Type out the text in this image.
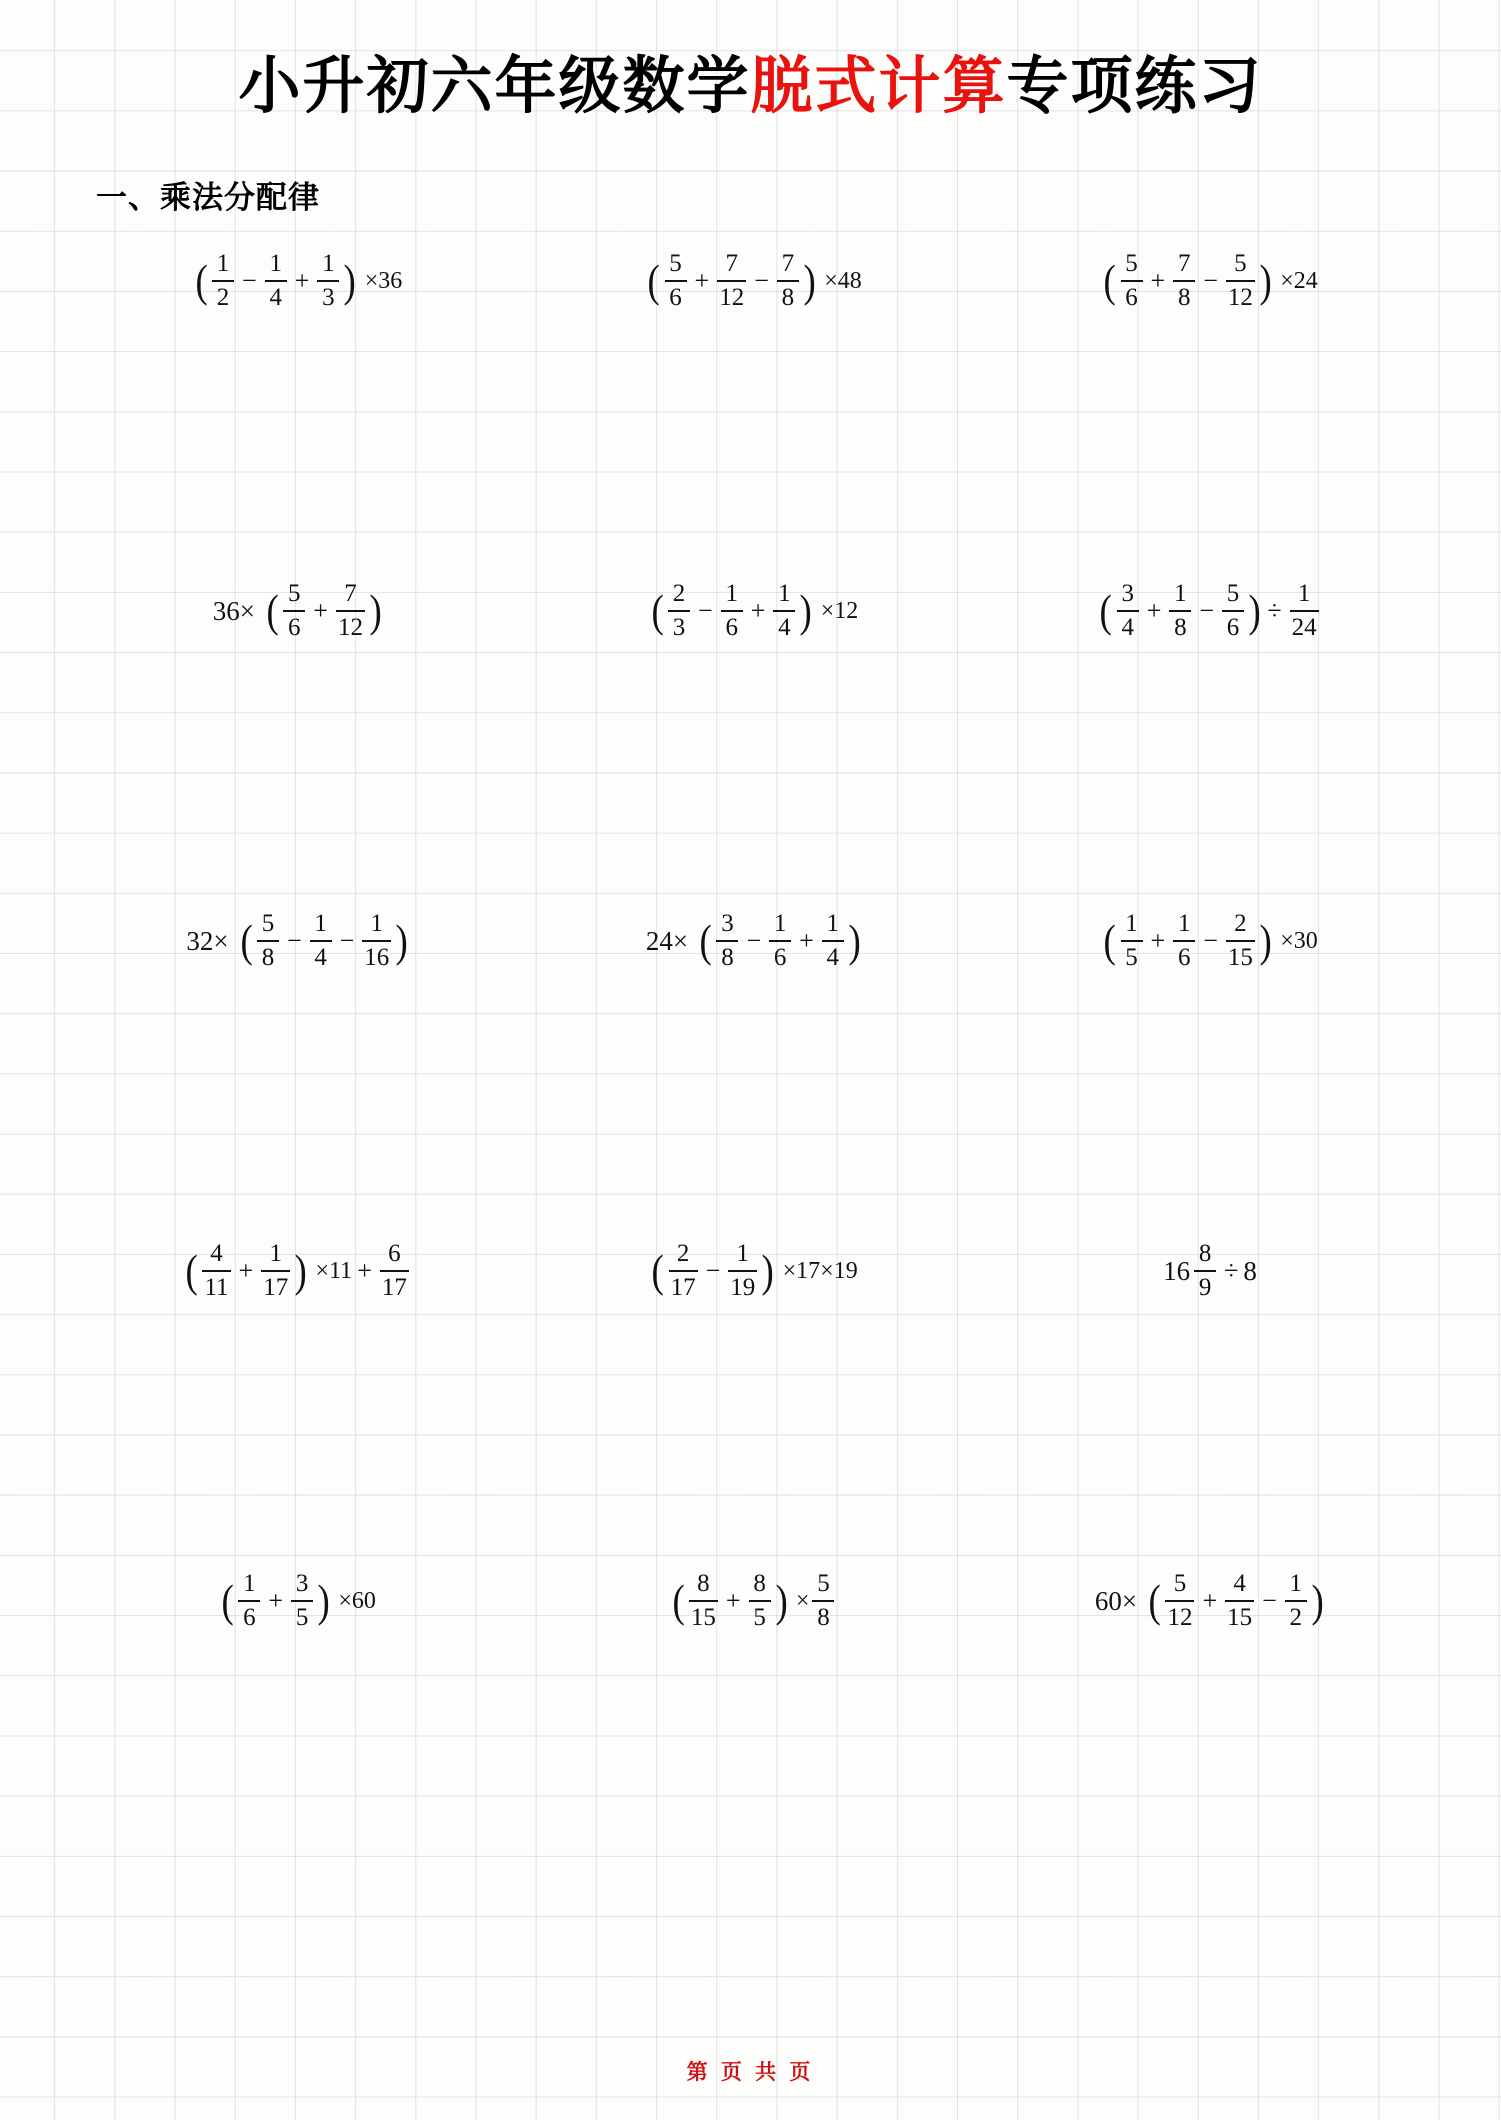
小升初六年级数学脱式计算专项练习
一、乘法分配律
( $\frac{1}{2} - \frac{1}{4} + \frac{1}{3}$ ) ×36	( $\frac{5}{6} + \frac{7}{12} - \frac{7}{8}$ ) ×48	( $\frac{5}{6} + \frac{7}{8} - \frac{5}{12}$ ) ×24
36× ( $\frac{5}{6} + \frac{7}{12}$ )	( $\frac{2}{3} - \frac{1}{6} + \frac{1}{4}$ ) ×12	( $\frac{3}{4} + \frac{1}{8} - \frac{5}{6}$ ) ÷ $\frac{1}{24}$
32× ( $\frac{5}{8} - \frac{1}{4} - \frac{1}{16}$ )	24× ( $\frac{3}{8} - \frac{1}{6} + \frac{1}{4}$ )	( $\frac{1}{5} + \frac{1}{6} - \frac{2}{15}$ ) ×30
( $\frac{4}{11} + \frac{1}{17}$ ) $\times 11 + \frac{6}{17}$	( $\frac{2}{17} - \frac{1}{19}$ ) ×17×19	$16 \frac{8}{9} \div 8$
( $\frac{1}{6} + \frac{3}{5}$ ) ×60	( $\frac{8}{15} + \frac{8}{5}$ ) × $\frac{5}{8}$	60× ( $\frac{5}{12} + \frac{4}{15} - \frac{1}{2}$ )
第 页 共 页
